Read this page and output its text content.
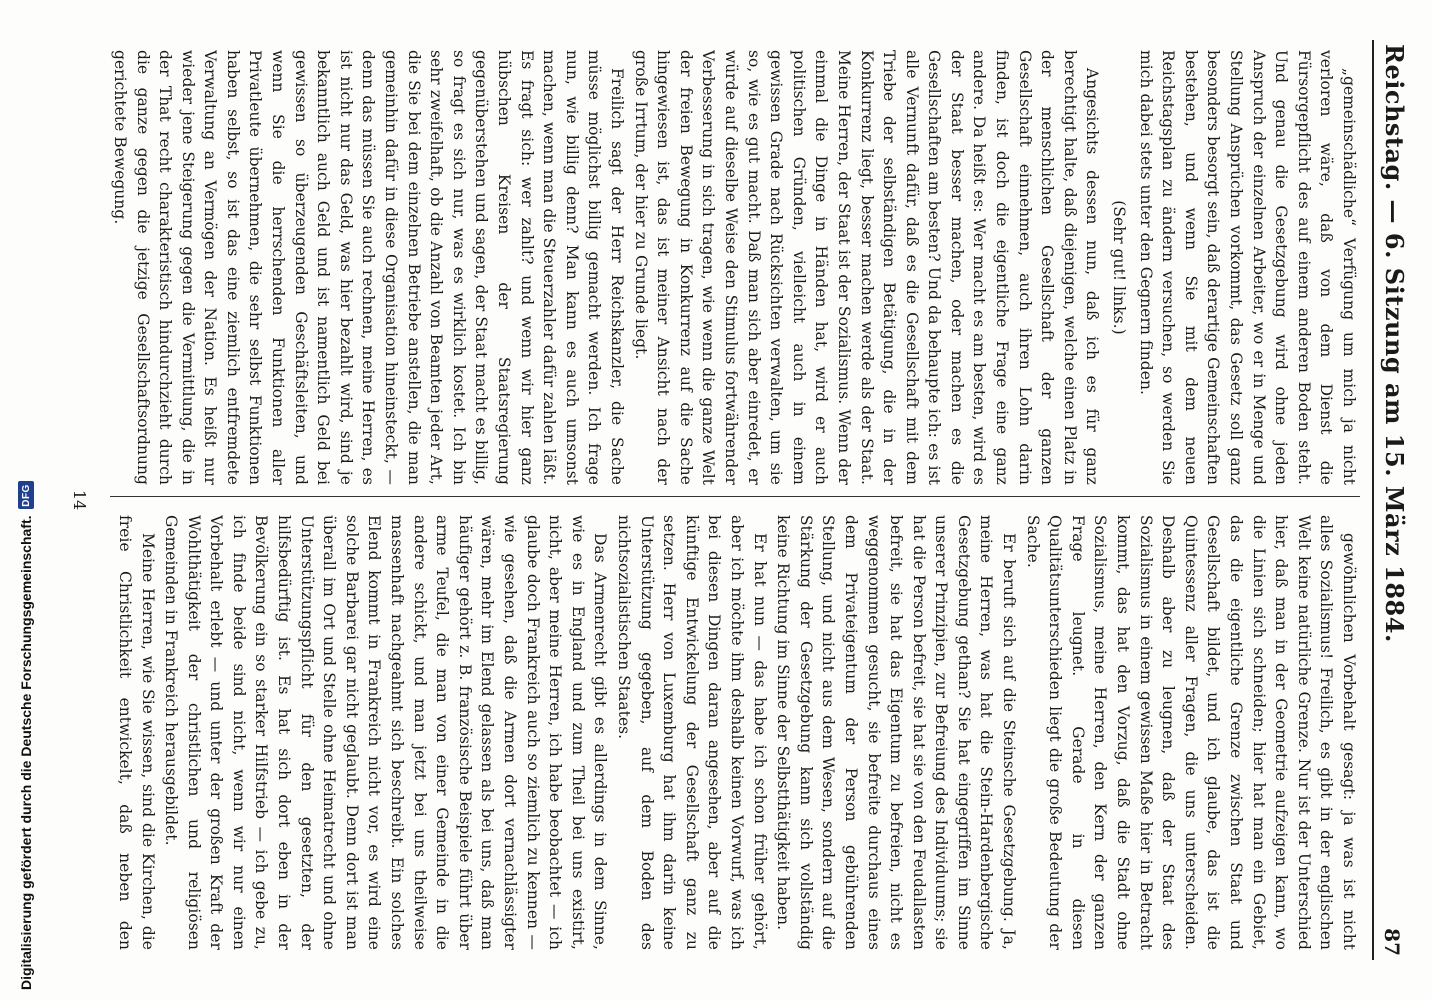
Reichstag. — 6. Sitzung am 15. März 1884.
87

„gemeinschädliche“ Verfügung um mich ja nicht verloren wäre, daß von dem Dienst die Fürsorgepflicht des auf einem anderen Boden steht. Und genau die Gesetzgebung wird ohne jeden Anspruch der einzelnen Arbeiter, wo er in Menge und Stellung Ansprüchen vorkommt, das Gesetz soll ganz besonders besorgt sein, daß derartige Gemeinschaften bestehen, und wenn Sie mit dem neuen Reichstagsplan zu ändern versuchen, so werden Sie mich dabei stets unter den Gegnern finden.

(Sehr gut! links.)

Angesichts dessen nun, daß ich es für ganz berechtigt halte, daß diejenigen, welche einen Platz in der menschlichen Gesellschaft der ganzen Gesellschaft einnehmen, auch ihren Lohn darin finden, ist doch die eigentliche Frage eine ganz andere. Da heißt es: Wer macht es am besten, wird es der Staat besser machen, oder machen es die Gesellschaften am besten? Und da behaupte ich: es ist alle Vernunft dafür, daß es die Gesellschaft mit dem Triebe der selbständigen Betätigung, die in der Konkurrenz liegt, besser machen werde als der Staat. Meine Herren, der Staat ist der Sozialismus. Wenn der einmal die Dinge in Händen hat, wird er auch politischen Gründen, vielleicht auch in einem gewissen Grade nach Rücksichten verwalten, um sie so, wie es gut macht. Daß man sich aber einredet, er würde auf dieselbe Weise den Stimulus fortwährender Verbesserung in sich tragen, wie wenn die ganze Welt der freien Bewegung in Konkurrenz auf die Sache hingewiesen ist, das ist meiner Ansicht nach der große Irrtum, der hier zu Grunde liegt.

Freilich sagt der Herr Reichskanzler, die Sache müsse möglichst billig gemacht werden. Ich frage nun, wie billig denn? Man kann es auch umsonst machen, wenn man die Steuerzahler dafür zahlen läßt. Es fragt sich: wer zahlt? und wenn wir hier ganz hübschen Kreisen der Staatsregierung gegenüberstehen und sagen, der Staat macht es billig, so fragt es sich nur, was es wirklich kostet. Ich bin sehr zweifelhaft, ob die Anzahl von Beamten jeder Art, die Sie bei dem einzelnen Betriebe anstellen, die man gemeinhin dafür in diese Organisation hineinsteckt, — denn das müssen Sie auch rechnen, meine Herren, es ist nicht nur das Geld, was hier bezahlt wird, sind je bekanntlich auch Geld und ist namentlich Geld bei gewissen so überzeugenden Geschäftsleiten, und wenn Sie die herrschenden Funktionen aller Privatleute übernehmen, die sehr selbst Funktionen haben selbst, so ist das eine ziemlich entfremdete Verwaltung an Vermögen der Nation. Es heißt nur wieder jene Steigerung gegen die Vermittlung, die in der That recht charakteristisch hindurchzieht durch die ganze gegen die jetzige Gesellschaftsordnung gerichtete Bewegung.

gewöhnlichen Vorbehalt gesagt: ja was ist nicht alles Sozialismus! Freilich, es gibt in der englischen Welt keine natürliche Grenze. Nur ist der Unterschied hier, daß man in der Geometrie aufzeigen kann, wo die Linien sich schneiden; hier hat man ein Gebiet, das die eigentliche Grenze zwischen Staat und Gesellschaft bildet, und ich glaube, das ist die Quintessenz aller Fragen, die uns unterscheiden. Deshalb aber zu leugnen, daß der Staat des Sozialismus in einem gewissen Maße hier in Betracht kommt, das hat den Vorzug, daß die Stadt ohne Sozialismus, meine Herren, den Kern der ganzen Frage leugnet. Gerade in diesen Qualitätsunterschieden liegt die große Bedeutung der Sache.

Er beruft sich auf die Steinsche Gesetzgebung. Ja, meine Herren, was hat die Stein-Hardenbergische Gesetzgebung gethan? Sie hat eingegriffen im Sinne unserer Prinzipien, zur Befreiung des Individuums; sie hat die Person befreit, sie hat sie von den Feudallasten befreit, sie hat das Eigentum zu befreien, nicht es weggenommen gesucht, sie befreite durchaus eines dem Privateigentum der Person gebührenden Stellung, und nicht aus dem Wesen, sondern auf die Stärkung der Gesetzgebung kann sich vollständig keine Richtung im Sinne der Selbstthätigkeit haben.

Er hat nun — das habe ich schon früher gehört, aber ich möchte ihm deshalb keinen Vorwurf, was ich bei diesen Dingen daran angesehen, aber auf die künftige Entwickelung der Gesellschaft ganz zu setzen. Herr von Luxemburg hat ihm darin keine Unterstützung gegeben, auf dem Boden des nichtsozialistischen Staates.

Das Armenrecht gibt es allerdings in dem Sinne, wie es in England und zum Theil bei uns existirt, nicht, aber meine Herren, ich habe beobachtet — ich glaube doch Frankreich auch so ziemlich zu kennen — wie gesehen, daß die Armen dort vernachlässigter wären, mehr im Elend gelassen als bei uns, daß man häufiger gehört z. B. französische Beispiele führt über arme Teufel, die man von einer Gemeinde in die andere schickt, und man jetzt bei uns theilweise massenhaft nachgeahmt sich beschreibt. Ein solches Elend kommt in Frankreich nicht vor, es wird eine solche Barbarei gar nicht geglaubt. Denn dort ist man überall im Ort und Stelle ohne Heimatrecht und ohne Unterstützungspflicht für den gesetzten, der hilfsbedürftig ist. Es hat sich dort eben in der Bevölkerung ein so starker Hilfstrieb — ich gebe zu, ich finde beide sind nicht, wenn wir nur einen Vorbehalt erlebt — und unter der großen Kraft der Wohlthätigkeit der christlichen und religiösen Gemeinden in Frankreich herausgebildet.

Meine Herren, wie Sie wissen, sind die Kirchen, die freie Christlichkeit entwickelt, daß neben den

14
Digitalisierung gefördert durch die Deutsche Forschungsgemeinschaft.
DFG
